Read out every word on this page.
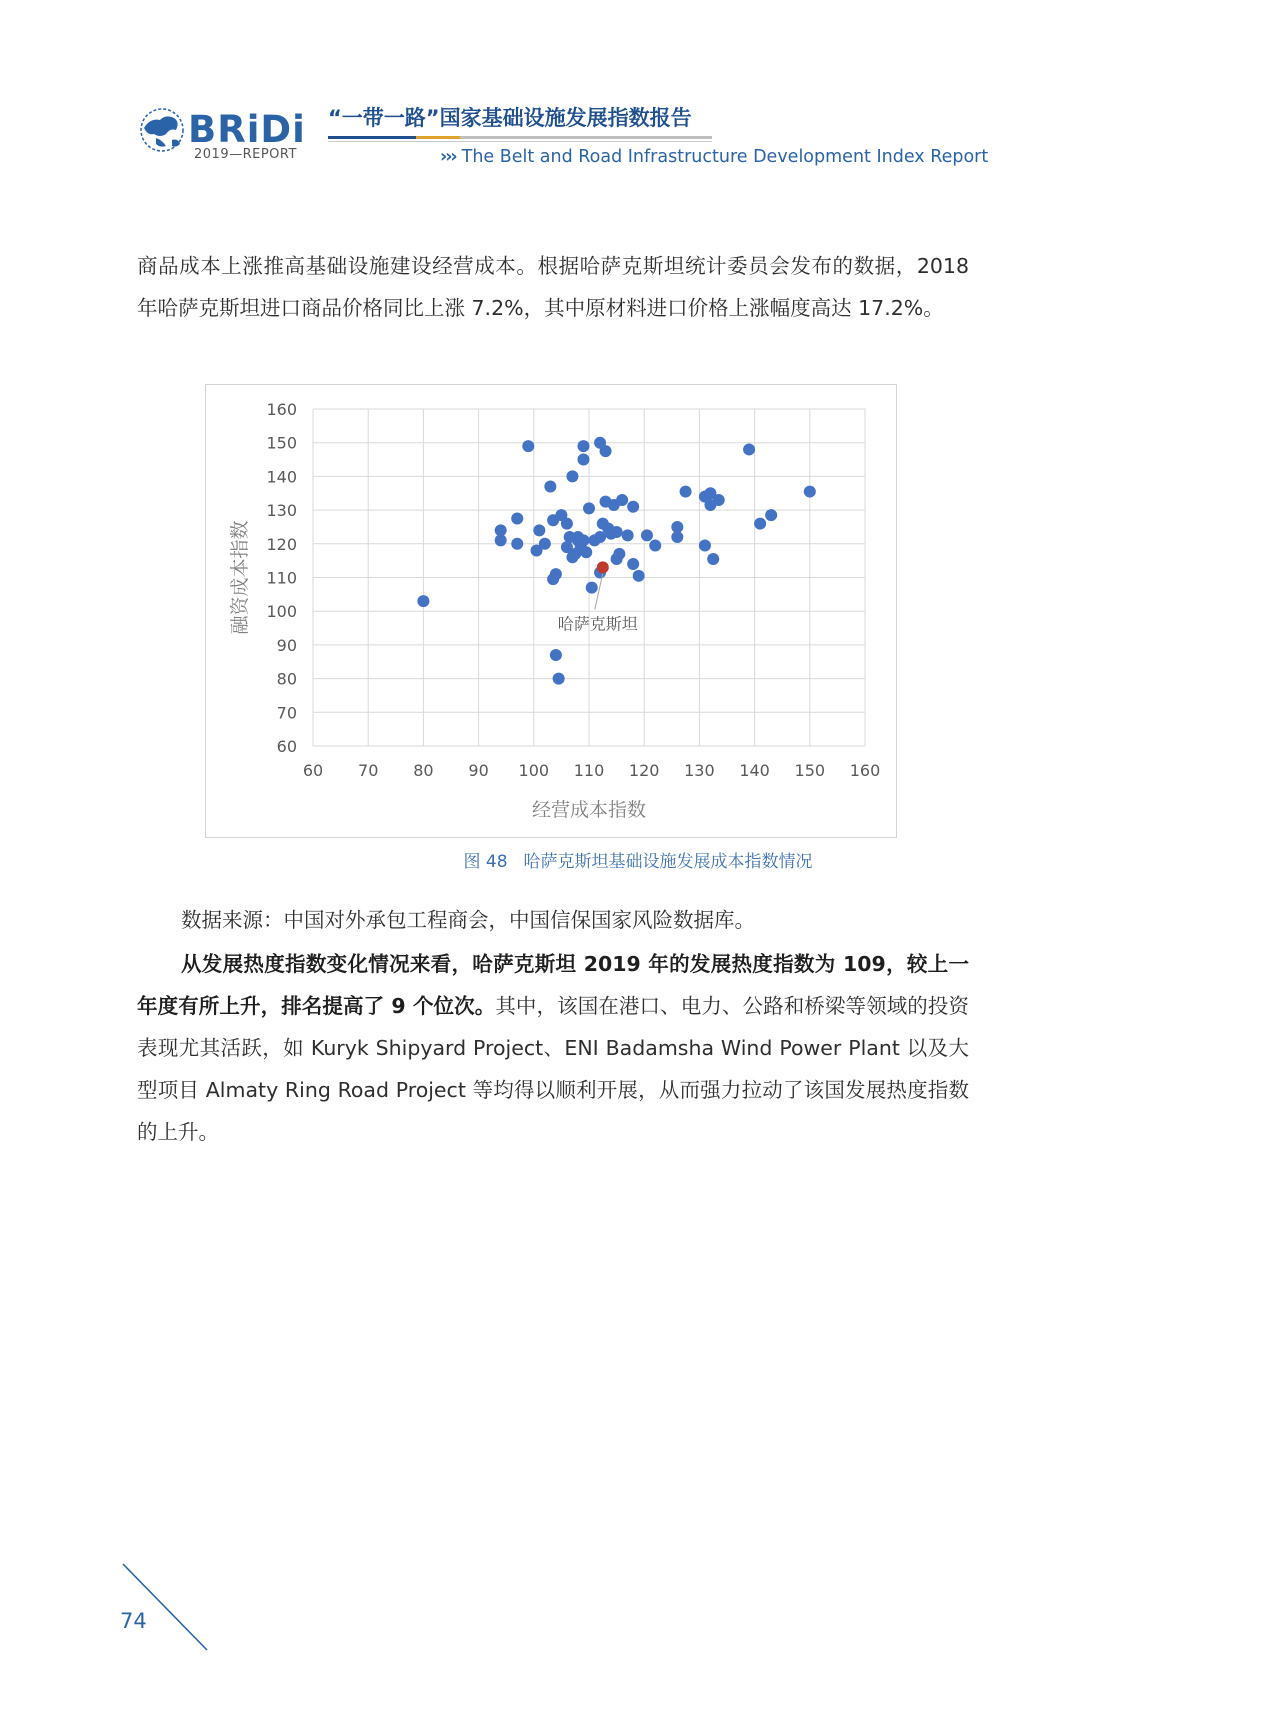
BRiDi
2019—REPORT
“一带一路”国家基础设施发展指数报告
››› The Belt and Road Infrastructure Development Index Report
商品成本上涨推高基础设施建设经营成本。根据哈萨克斯坦统计委员会发布的数据，2018 年哈萨克斯坦进口商品价格同比上涨 7.2%，其中原材料进口价格上涨幅度高达 17.2%。
60 70 80 90 100 110 120 130 140 150 160
60
70
80
90
100
110
120
130
140
150
160
经营成本指数
融资成本指数	哈萨克斯坦
图 48 哈萨克斯坦基础设施发展成本指数情况
数据来源：中国对外承包工程商会，中国信保国家风险数据库。
从发展热度指数变化情况来看，哈萨克斯坦 2019 年的发展热度指数为 109，较上一年度有所上升，排名提高了 9 个位次。其中，该国在港口、电力、公路和桥梁等领域的投资表现尤其活跃，如 Kuryk Shipyard Project、ENI Badamsha Wind Power Plant 以及大型项目 Almaty Ring Road Project 等均得以顺利开展，从而强力拉动了该国发展热度指数的上升。
74
